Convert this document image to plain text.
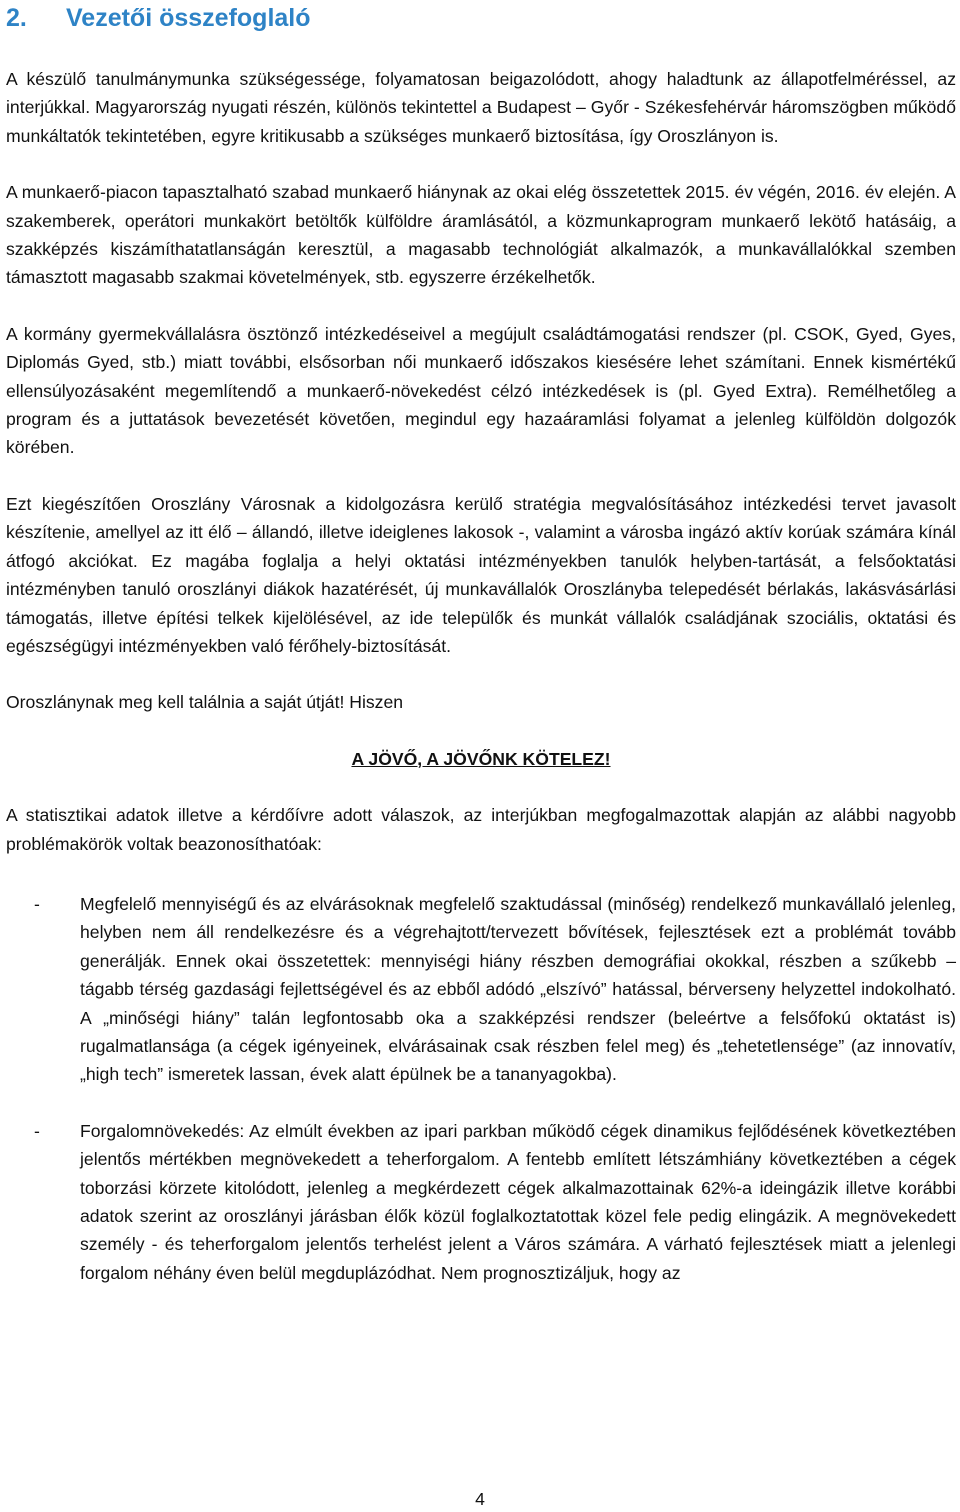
2.	Vezetői összefoglaló

A készülő tanulmánymunka szükségessége, folyamatosan beigazolódott, ahogy haladtunk az állapotfelméréssel, az interjúkkal. Magyarország nyugati részén, különös tekintettel a Budapest – Győr - Székesfehérvár háromszögben működő munkáltatók tekintetében, egyre kritikusabb a szükséges munkaerő biztosítása, így Oroszlányon is.

A munkaerő-piacon tapasztalható szabad munkaerő hiánynak az okai elég összetettek 2015. év végén, 2016. év elején. A szakemberek, operátori munkakört betöltők külföldre áramlásától, a közmunkaprogram munkaerő lekötő hatásáig, a szakképzés kiszámíthatatlanságán keresztül, a magasabb technológiát alkalmazók, a munkavállalókkal szemben támasztott magasabb szakmai követelmények, stb. egyszerre érzékelhetők.

A kormány gyermekvállalásra ösztönző intézkedéseivel a megújult családtámogatási rendszer (pl. CSOK, Gyed, Gyes, Diplomás Gyed, stb.) miatt további, elsősorban női munkaerő időszakos kiesésére lehet számítani. Ennek kismértékű ellensúlyozásaként megemlítendő a munkaerő-növekedést célzó intézkedések is (pl. Gyed Extra). Remélhetőleg a program és a juttatások bevezetését követően, megindul egy hazaáramlási folyamat a jelenleg külföldön dolgozók körében.

Ezt kiegészítően Oroszlány Városnak a kidolgozásra kerülő stratégia megvalósításához intézkedési tervet javasolt készítenie, amellyel az itt élő – állandó, illetve ideiglenes lakosok -, valamint a városba ingázó aktív korúak számára kínál átfogó akciókat. Ez magába foglalja a helyi oktatási intézményekben tanulók helyben-tartását, a felsőoktatási intézményben tanuló oroszlányi diákok hazatérését, új munkavállalók Oroszlányba telepedését bérlakás, lakásvásárlási támogatás, illetve építési telkek kijelölésével, az ide települők és munkát vállalók családjának szociális, oktatási és egészségügyi intézményekben való férőhely-biztosítását.

Oroszlánynak meg kell találnia a saját útját! Hiszen

A JÖVŐ, A JÖVŐNK KÖTELEZ!

A statisztikai adatok illetve a kérdőívre adott válaszok, az interjúkban megfogalmazottak alapján az alábbi nagyobb problémakörök voltak beazonosíthatóak:

-	Megfelelő mennyiségű és az elvárásoknak megfelelő szaktudással (minőség) rendelkező munkavállaló jelenleg, helyben nem áll rendelkezésre és a végrehajtott/tervezett bővítések, fejlesztések ezt a problémát tovább generálják. Ennek okai összetettek: mennyiségi hiány részben demográfiai okokkal, részben a szűkebb – tágabb térség gazdasági fejlettségével és az ebből adódó „elszívó” hatással, bérverseny helyzettel indokolható. A „minőségi hiány” talán legfontosabb oka a szakképzési rendszer (beleértve a felsőfokú oktatást is) rugalmatlansága (a cégek igényeinek, elvárásainak csak részben felel meg) és „tehetetlensége” (az innovatív, „high tech” ismeretek lassan, évek alatt épülnek be a tananyagokba).

-	Forgalomnövekedés: Az elmúlt években az ipari parkban működő cégek dinamikus fejlődésének következtében jelentős mértékben megnövekedett a teherforgalom. A fentebb említett létszámhiány következtében a cégek toborzási körzete kitolódott, jelenleg a megkérdezett cégek alkalmazottainak 62%-a ideingázik illetve korábbi adatok szerint az oroszlányi járásban élők közül foglalkoztatottak közel fele pedig elingázik. A megnövekedett személy - és teherforgalom jelentős terhelést jelent a Város számára. A várható fejlesztések miatt a jelenlegi forgalom néhány éven belül megduplázódhat. Nem prognosztizáljuk, hogy az

4
